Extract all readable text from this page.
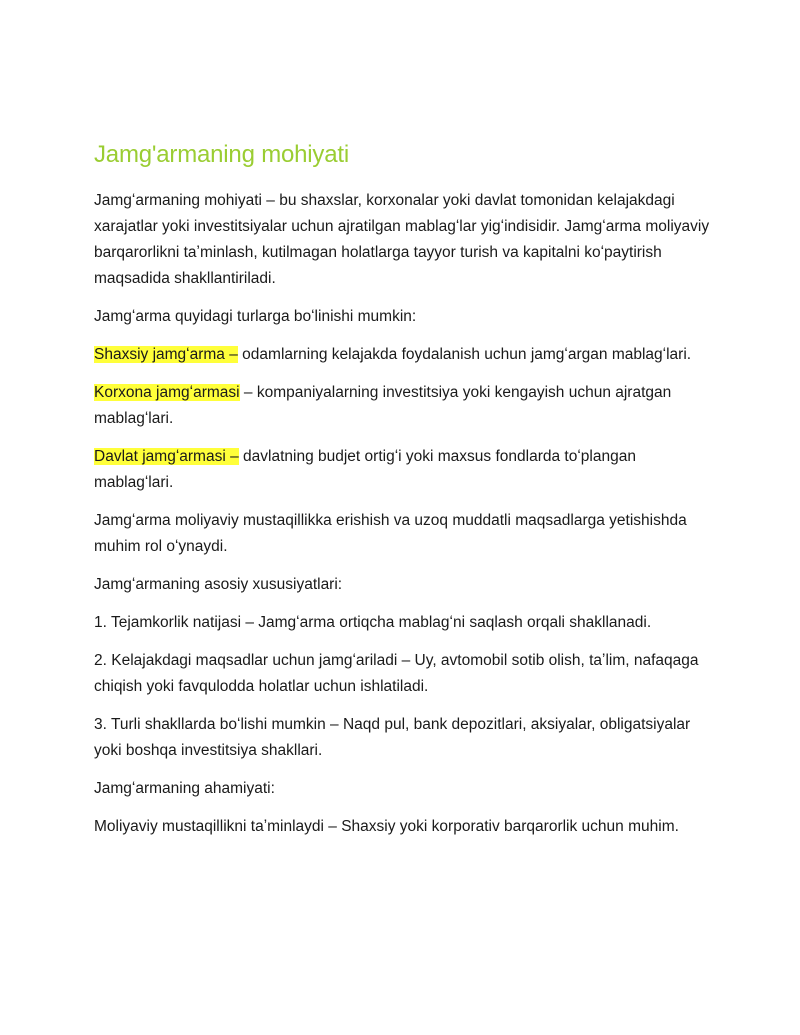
Jamg'armaning mohiyati

Jamgʻarmaning mohiyati – bu shaxslar, korxonalar yoki davlat tomonidan kelajakdagi xarajatlar yoki investitsiyalar uchun ajratilgan mablagʻlar yigʻindisidir. Jamgʻarma moliyaviy barqarorlikni taʼminlash, kutilmagan holatlarga tayyor turish va kapitalni koʻpaytirish maqsadida shakllantiriladi.

Jamgʻarma quyidagi turlarga boʻlinishi mumkin:

Shaxsiy jamgʻarma – odamlarning kelajakda foydalanish uchun jamgʻargan mablagʻlari.

Korxona jamgʻarmasi – kompaniyalarning investitsiya yoki kengayish uchun ajratgan mablagʻlari.

Davlat jamgʻarmasi – davlatning budjet ortigʻi yoki maxsus fondlarda toʻplangan mablagʻlari.

Jamgʻarma moliyaviy mustaqillikka erishish va uzoq muddatli maqsadlarga yetishishda muhim rol oʻynaydi.

Jamgʻarmaning asosiy xususiyatlari:

1. Tejamkorlik natijasi – Jamgʻarma ortiqcha mablagʻni saqlash orqali shakllanadi.

2. Kelajakdagi maqsadlar uchun jamgʻariladi – Uy, avtomobil sotib olish, taʼlim, nafaqaga chiqish yoki favqulodda holatlar uchun ishlatiladi.

3. Turli shakllarda boʻlishi mumkin – Naqd pul, bank depozitlari, aksiyalar, obligatsiyalar yoki boshqa investitsiya shakllari.

Jamgʻarmaning ahamiyati:

Moliyaviy mustaqillikni taʼminlaydi – Shaxsiy yoki korporativ barqarorlik uchun muhim.
